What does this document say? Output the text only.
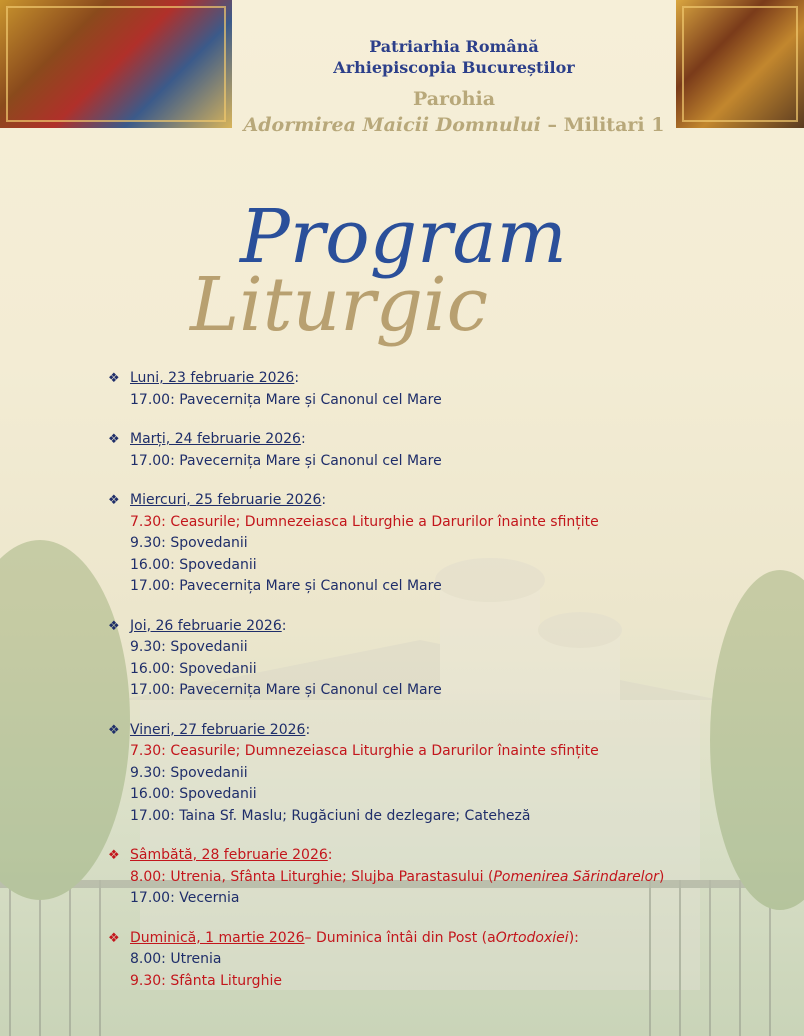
Patriarhia Română
Arhiepiscopia Bucureștilor
Parohia
Adormirea Maicii Domnului – Militari 1
Program
Liturgic
❖ Luni, 23 februarie 2026 :
17.00: Pavecernița Mare și Canonul cel Mare
❖ Marți, 24 februarie 2026 :
17.00: Pavecernița Mare și Canonul cel Mare
❖ Miercuri, 25 februarie 2026 :
7.30: Ceasurile; Dumnezeiasca Liturghie a Darurilor înainte sfințite
9.30: Spovedanii
16.00: Spovedanii
17.00: Pavecernița Mare și Canonul cel Mare
❖ Joi, 26 februarie 2026 :
9.30: Spovedanii
16.00: Spovedanii
17.00: Pavecernița Mare și Canonul cel Mare
❖ Vineri, 27 februarie 2026 :
7.30: Ceasurile; Dumnezeiasca Liturghie a Darurilor înainte sfințite
9.30: Spovedanii
16.00: Spovedanii
17.00: Taina Sf. Maslu; Rugăciuni de dezlegare; Cateheză
❖ Sâmbătă, 28 februarie 2026 :
8.00: Utrenia, Sfânta Liturghie; Slujba Parastasului (Pomenirea Sărindarelor)
17.00: Vecernia
❖ Duminică, 1 martie 2026 – Duminica întâi din Post (a Ortodoxiei ):
8.00: Utrenia
9.30: Sfânta Liturghie
